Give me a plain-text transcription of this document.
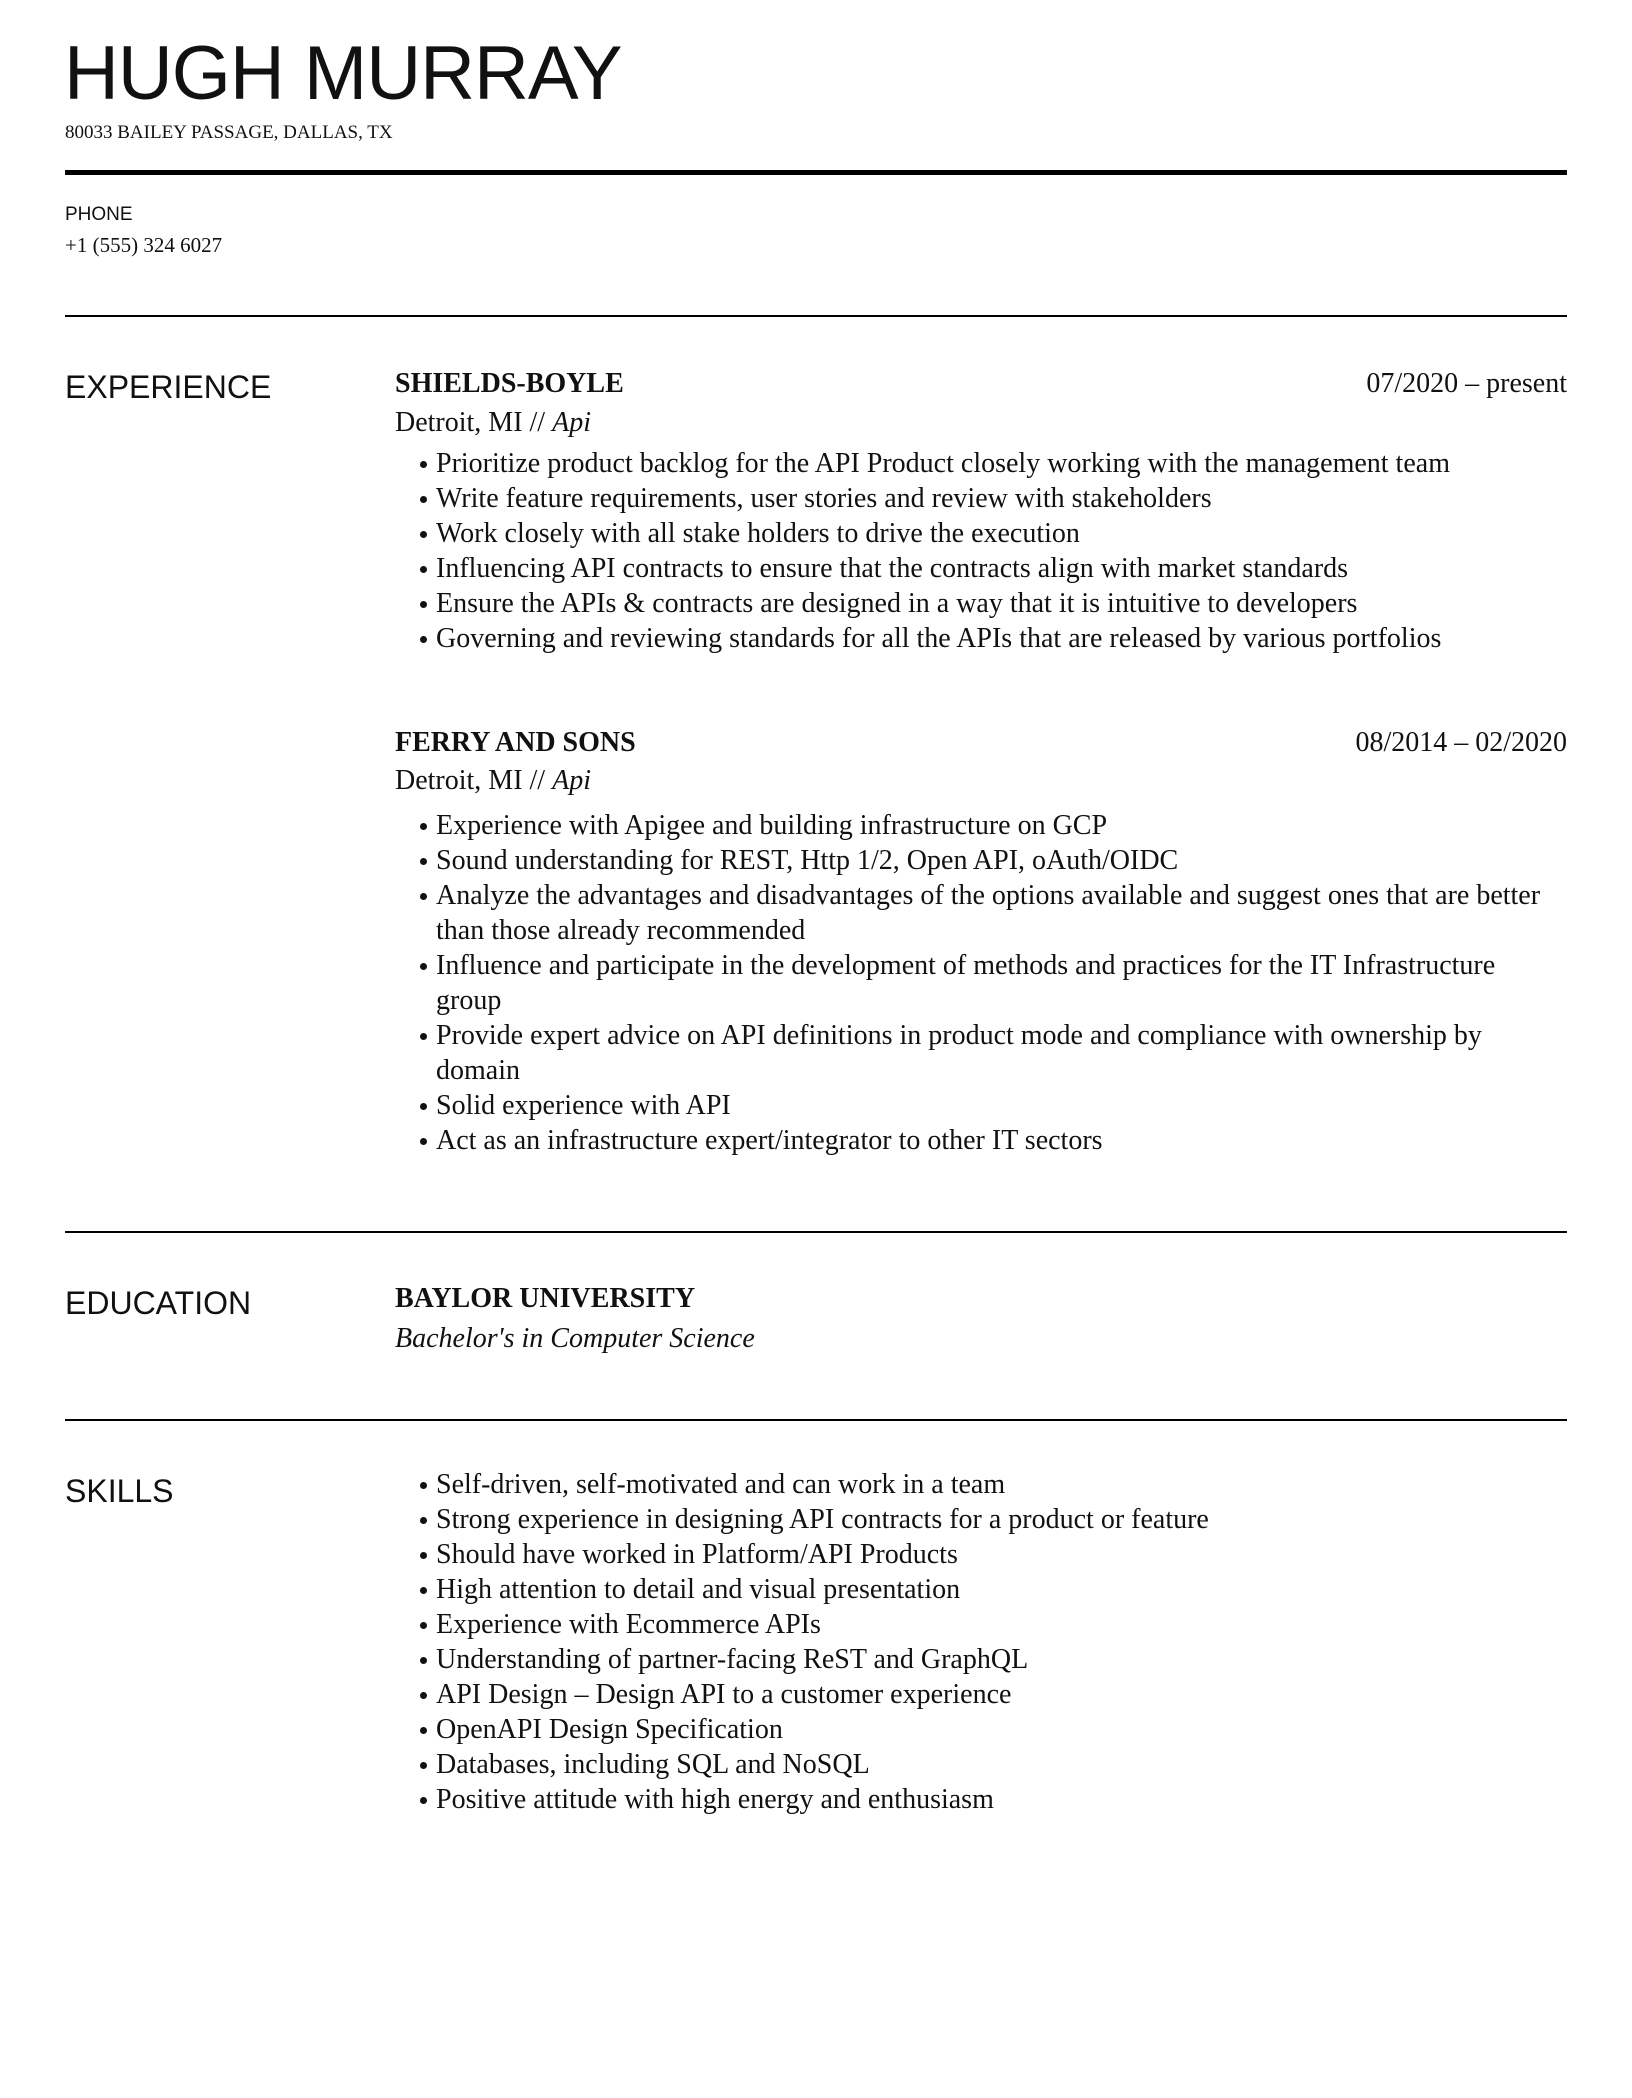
HUGH MURRAY
80033 BAILEY PASSAGE, DALLAS, TX
PHONE
+1 (555) 324 6027
EXPERIENCE	SHIELDS-BOYLE
Detroit, MI // Api
Prioritize product backlog for the API Product closely working with the management team
Write feature requirements, user stories and review with stakeholders
Work closely with all stake holders to drive the execution
Influencing API contracts to ensure that the contracts align with market standards
Ensure the APIs & contracts are designed in a way that it is intuitive to developers
Governing and reviewing standards for all the APIs that are released by various portfolios
07/2020 – present
FERRY AND SONS
Detroit, MI // Api
Experience with Apigee and building infrastructure on GCP
Sound understanding for REST, Http 1/2, Open API, oAuth/OIDC
Analyze the advantages and disadvantages of the options available and suggest ones that are better than those already recommended
Influence and participate in the development of methods and practices for the IT Infrastructure group
Provide expert advice on API definitions in product mode and compliance with ownership by domain
Solid experience with API
Act as an infrastructure expert/integrator to other IT sectors
08/2014 – 02/2020
EDUCATION	BAYLOR UNIVERSITY
Bachelor's in Computer Science
SKILLS	Self-driven, self-motivated and can work in a team
Strong experience in designing API contracts for a product or feature
Should have worked in Platform/API Products
High attention to detail and visual presentation
Experience with Ecommerce APIs
Understanding of partner-facing ReST and GraphQL
API Design – Design API to a customer experience
OpenAPI Design Specification
Databases, including SQL and NoSQL
Positive attitude with high energy and enthusiasm
